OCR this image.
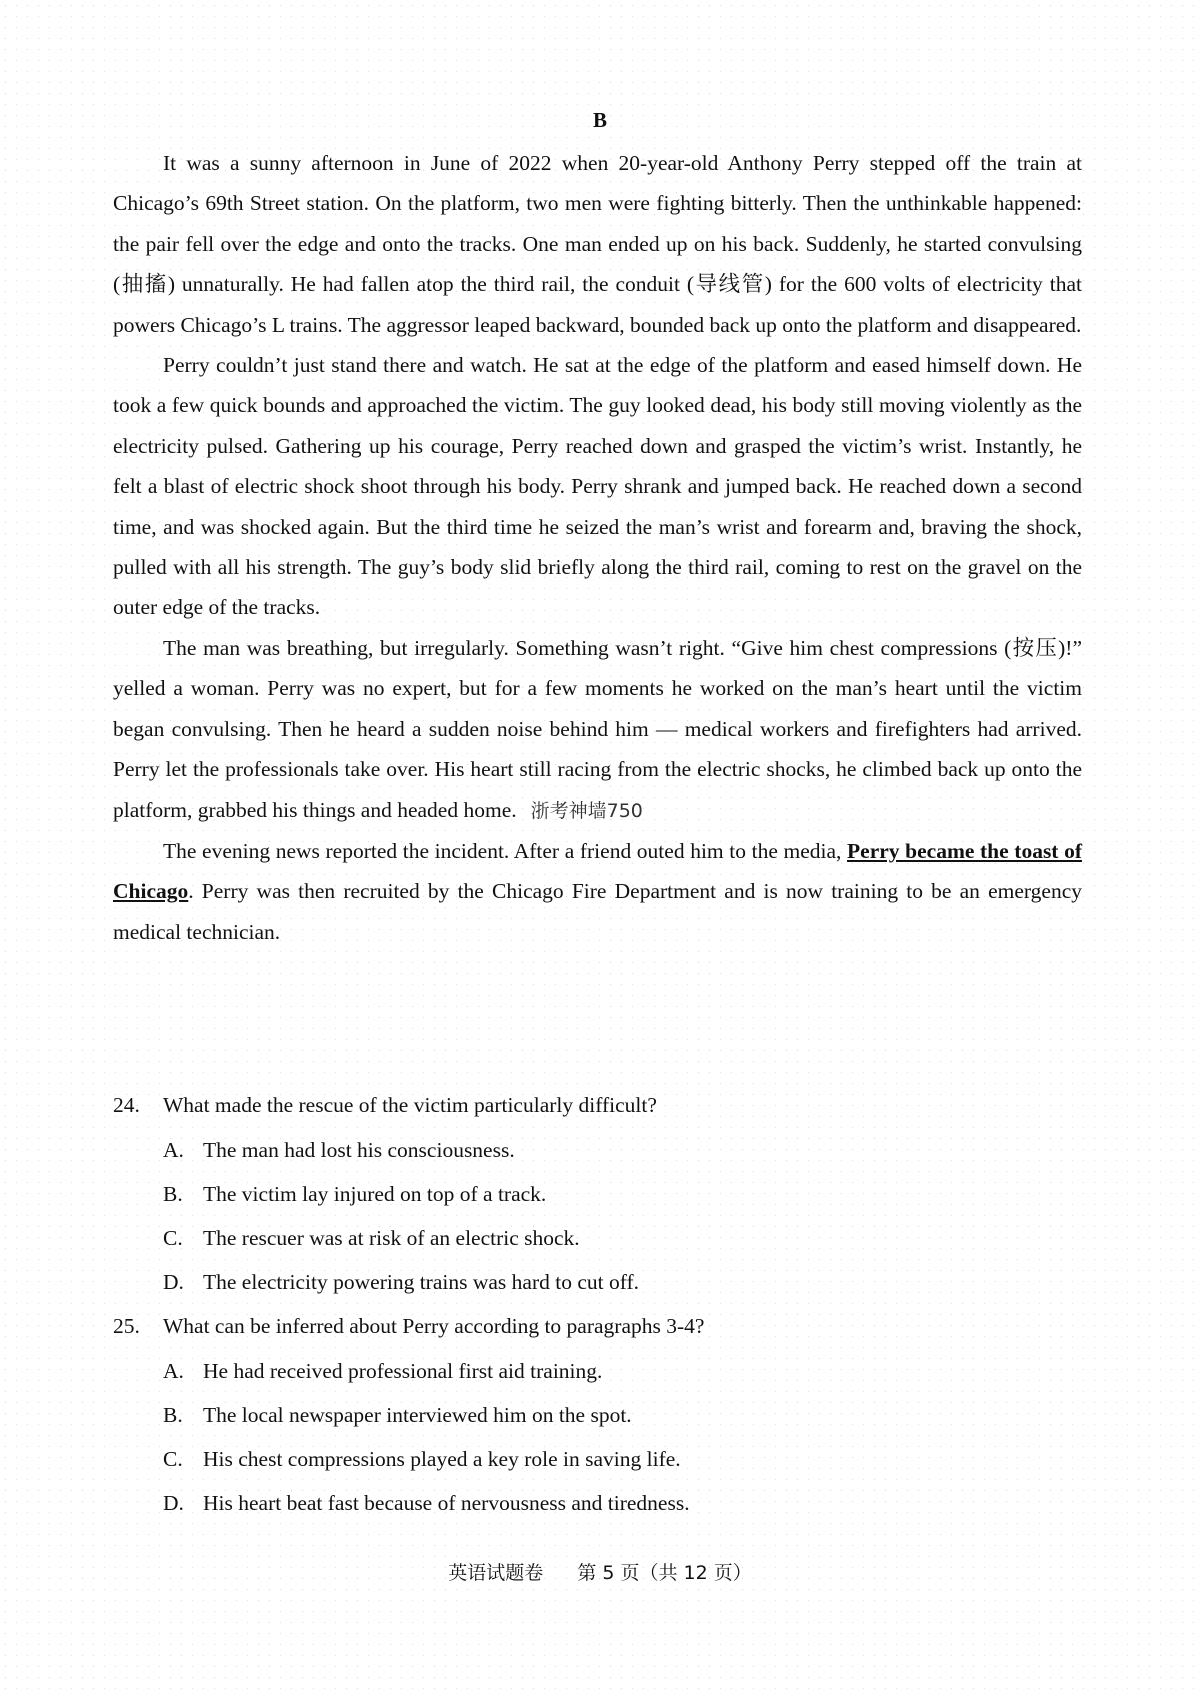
B

It was a sunny afternoon in June of 2022 when 20-year-old Anthony Perry stepped off the train at Chicago’s 69th Street station. On the platform, two men were fighting bitterly. Then the unthinkable happened: the pair fell over the edge and onto the tracks. One man ended up on his back. Suddenly, he started convulsing (抽搐) unnaturally. He had fallen atop the third rail, the conduit (导线管) for the 600 volts of electricity that powers Chicago’s L trains. The aggressor leaped backward, bounded back up onto the platform and disappeared.

Perry couldn’t just stand there and watch. He sat at the edge of the platform and eased himself down. He took a few quick bounds and approached the victim. The guy looked dead, his body still moving violently as the electricity pulsed. Gathering up his courage, Perry reached down and grasped the victim’s wrist. Instantly, he felt a blast of electric shock shoot through his body. Perry shrank and jumped back. He reached down a second time, and was shocked again. But the third time he seized the man’s wrist and forearm and, braving the shock, pulled with all his strength. The guy’s body slid briefly along the third rail, coming to rest on the gravel on the outer edge of the tracks.

The man was breathing, but irregularly. Something wasn’t right. “Give him chest compressions (按压)!” yelled a woman. Perry was no expert, but for a few moments he worked on the man’s heart until the victim began convulsing. Then he heard a sudden noise behind him — medical workers and firefighters had arrived. Perry let the professionals take over. His heart still racing from the electric shocks, he climbed back up onto the platform, grabbed his things and headed home. 浙考神墙750

The evening news reported the incident. After a friend outed him to the media, Perry became the toast of Chicago. Perry was then recruited by the Chicago Fire Department and is now training to be an emergency medical technician.

24.	What made the rescue of the victim particularly difficult?
A. The man had lost his consciousness.
B. The victim lay injured on top of a track.
C. The rescuer was at risk of an electric shock.
D. The electricity powering trains was hard to cut off.
25.	What can be inferred about Perry according to paragraphs 3-4?
A. He had received professional first aid training.
B. The local newspaper interviewed him on the spot.
C. His chest compressions played a key role in saving life.
D. His heart beat fast because of nervousness and tiredness.
英语试题卷 第 5 页（共 12 页）
